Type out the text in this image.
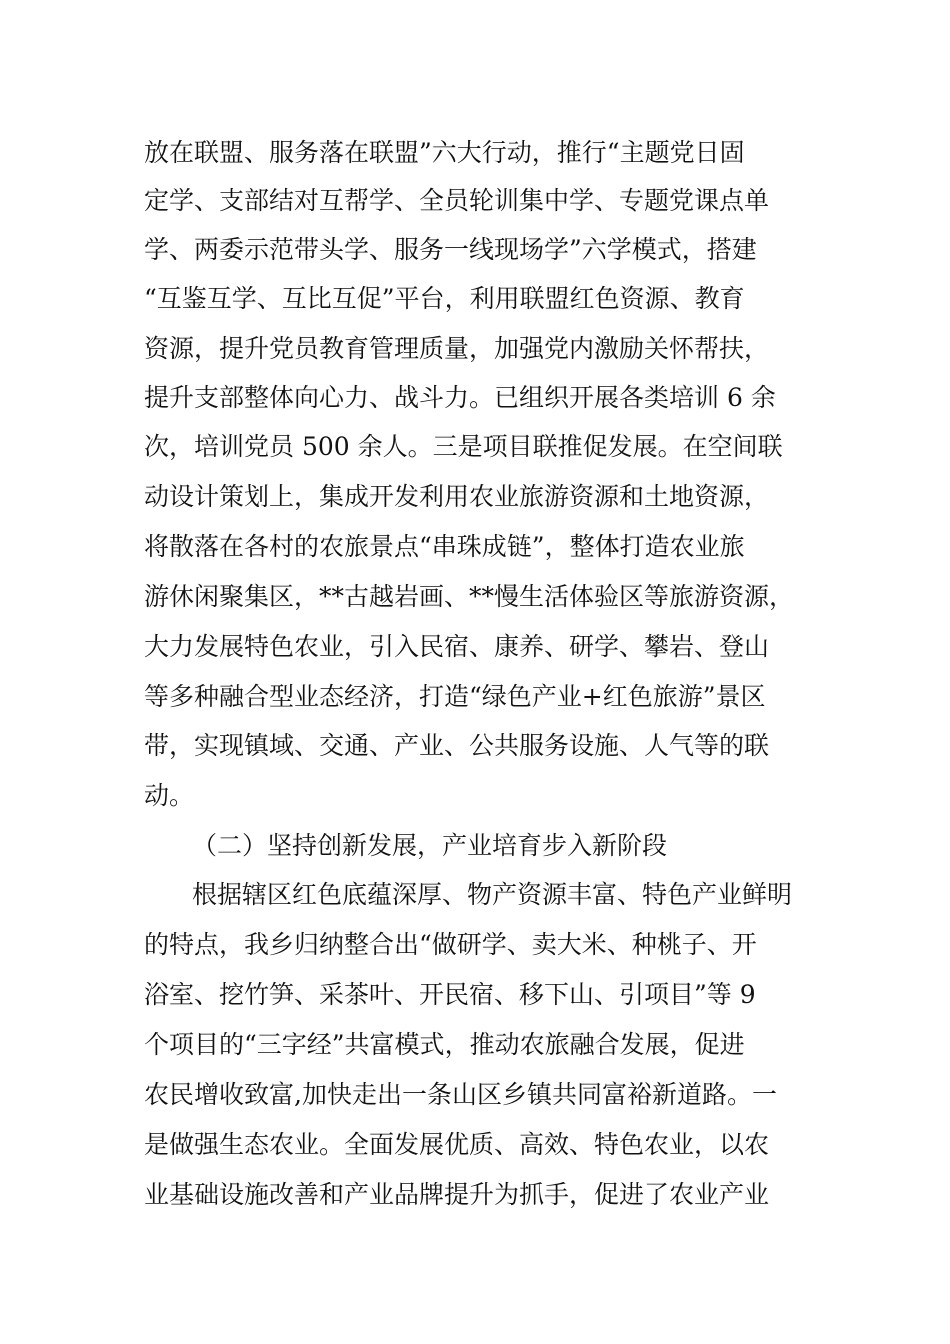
放在联盟、服务落在联盟”六大行动，推行“主题党日固
定学、支部结对互帮学、全员轮训集中学、专题党课点单
学、两委示范带头学、服务一线现场学”六学模式，搭建
“互鉴互学、互比互促”平台，利用联盟红色资源、教育
资源，提升党员教育管理质量，加强党内激励关怀帮扶，
提升支部整体向心力、战斗力。已组织开展各类培训 6 余
次，培训党员 500 余人。三是项目联推促发展。在空间联
动设计策划上，集成开发利用农业旅游资源和土地资源，
将散落在各村的农旅景点“串珠成链”，整体打造农业旅
游休闲聚集区，**古越岩画、**慢生活体验区等旅游资源，
大力发展特色农业，引入民宿、康养、研学、攀岩、登山
等多种融合型业态经济，打造“绿色产业+红色旅游”景区
带，实现镇域、交通、产业、公共服务设施、人气等的联
动。
（二）坚持创新发展，产业培育步入新阶段
根据辖区红色底蕴深厚、物产资源丰富、特色产业鲜明
的特点，我乡归纳整合出“做研学、卖大米、种桃子、开
浴室、挖竹笋、采茶叶、开民宿、移下山、引项目”等 9
个项目的“三字经”共富模式，推动农旅融合发展，促进
农民增收致富,加快走出一条山区乡镇共同富裕新道路。一
是做强生态农业。全面发展优质、高效、特色农业，以农
业基础设施改善和产业品牌提升为抓手，促进了农业产业
